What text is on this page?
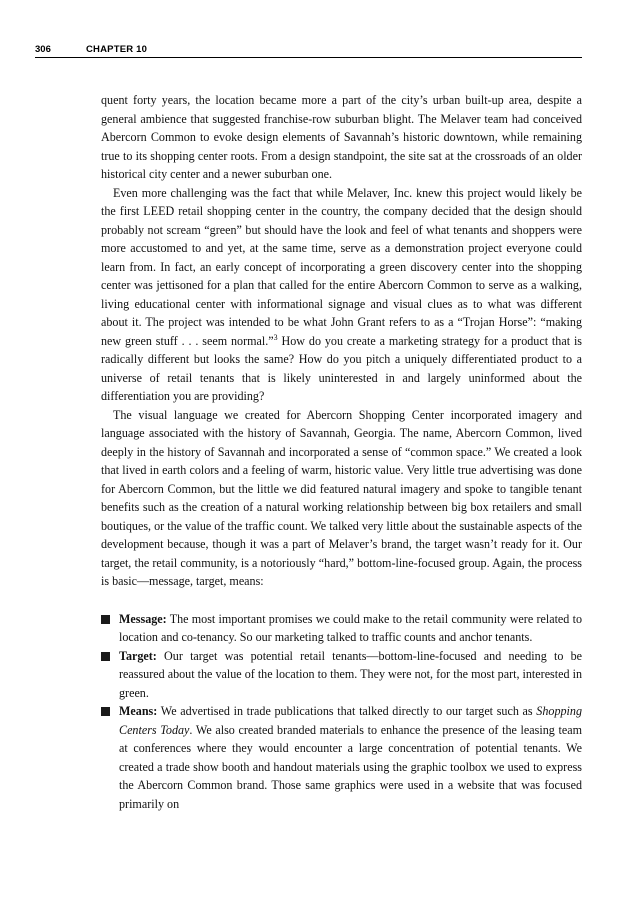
306	CHAPTER 10

quent forty years, the location became more a part of the city’s urban built-up area, despite a general ambience that suggested franchise-row suburban blight. The Melaver team had conceived Abercorn Common to evoke design elements of Savannah’s historic downtown, while remaining true to its shopping center roots. From a design standpoint, the site sat at the crossroads of an older historical city center and a newer suburban one.

Even more challenging was the fact that while Melaver, Inc. knew this project would likely be the first LEED retail shopping center in the country, the company decided that the design should probably not scream “green” but should have the look and feel of what tenants and shoppers were more accustomed to and yet, at the same time, serve as a demonstration project everyone could learn from. In fact, an early concept of incorporating a green discovery center into the shopping center was jettisoned for a plan that called for the entire Abercorn Common to serve as a walking, living educational center with informational signage and visual clues as to what was different about it. The project was intended to be what John Grant refers to as a “Trojan Horse”: “making new green stuff . . . seem normal.”$^3$ How do you create a marketing strategy for a product that is radically different but looks the same? How do you pitch a uniquely differentiated product to a universe of retail tenants that is likely uninterested in and largely uninformed about the differentiation you are providing?

The visual language we created for Abercorn Shopping Center incorporated imagery and language associated with the history of Savannah, Georgia. The name, Abercorn Common, lived deeply in the history of Savannah and incorporated a sense of “common space.” We created a look that lived in earth colors and a feeling of warm, historic value. Very little true advertising was done for Abercorn Common, but the little we did featured natural imagery and spoke to tangible tenant benefits such as the creation of a natural working relationship between big box retailers and small boutiques, or the value of the traffic count. We talked very little about the sustainable aspects of the development because, though it was a part of Melaver’s brand, the target wasn’t ready for it. Our target, the retail community, is a notoriously “hard,” bottom-line-focused group. Again, the process is basic—message, target, means:

Message: The most important promises we could make to the retail community were related to location and co-tenancy. So our marketing talked to traffic counts and anchor tenants.
Target: Our target was potential retail tenants—bottom-line-focused and needing to be reassured about the value of the location to them. They were not, for the most part, interested in green.
Means: We advertised in trade publications that talked directly to our target such as Shopping Centers Today. We also created branded materials to enhance the presence of the leasing team at conferences where they would encounter a large concentration of potential tenants. We created a trade show booth and handout materials using the graphic toolbox we used to express the Abercorn Common brand. Those same graphics were used in a website that was focused primarily on
